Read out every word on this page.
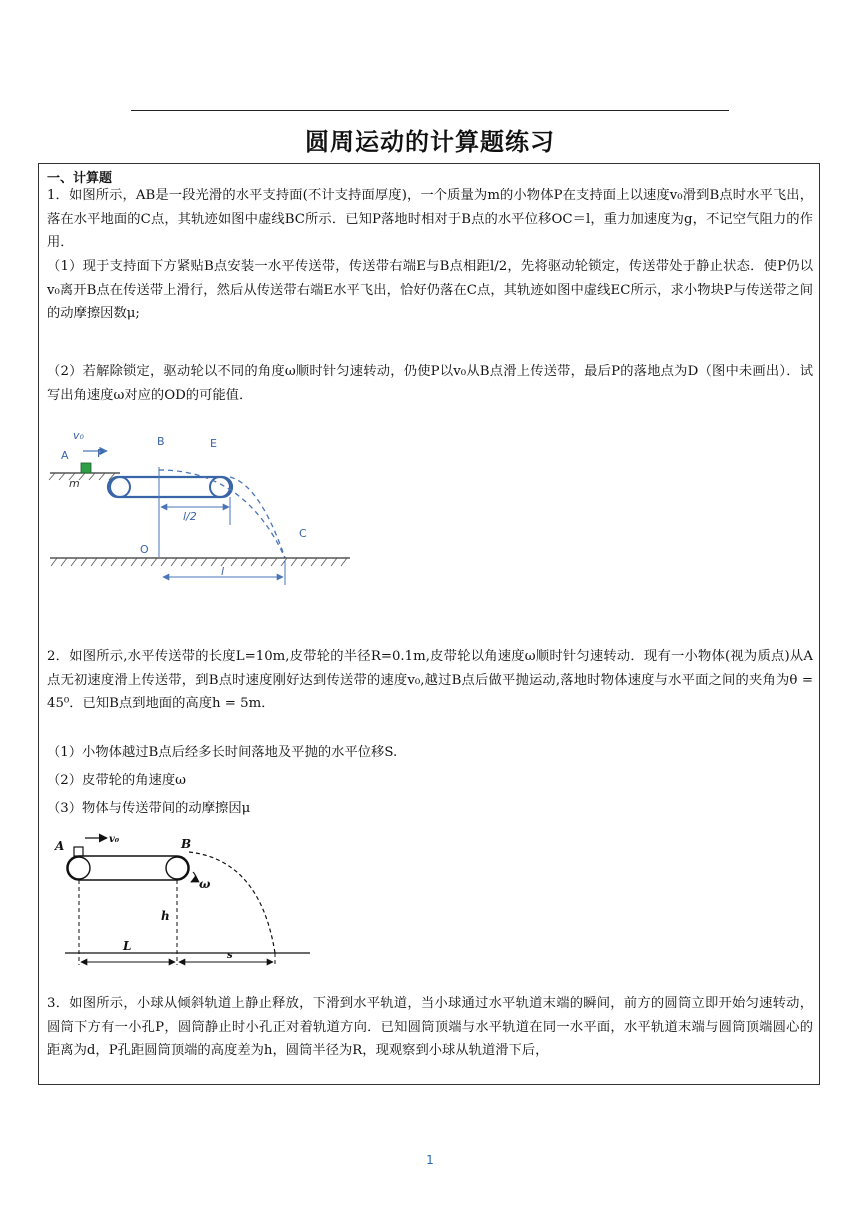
圆周运动的计算题练习
一、计算题

1．如图所示，AB是一段光滑的水平支持面(不计支持面厚度)，一个质量为m的小物体P在支持面上以速度v₀滑到B点时水平飞出，落在水平地面的C点，其轨迹如图中虚线BC所示．已知P落地时相对于B点的水平位移OC＝l，重力加速度为g，不记空气阻力的作用．

（1）现于支持面下方紧贴B点安装一水平传送带，传送带右端E与B点相距l/2，先将驱动轮锁定，传送带处于静止状态．使P仍以v₀离开B点在传送带上滑行，然后从传送带右端E水平飞出，恰好仍落在C点，其轨迹如图中虚线EC所示，求小物块P与传送带之间的动摩擦因数μ;

（2）若解除锁定，驱动轮以不同的角度ω顺时针匀速转动，仍使P以v₀从B点滑上传送带，最后P的落地点为D（图中未画出）．试写出角速度ω对应的OD的可能值．

v₀
A	P
m
B	E
l/2
O
C
l

2．如图所示,水平传送带的长度L=10m,皮带轮的半径R=0.1m,皮带轮以角速度ω顺时针匀速转动．现有一小物体(视为质点)从A点无初速度滑上传送带，到B点时速度刚好达到传送带的速度v₀,越过B点后做平抛运动,落地时物体速度与水平面之间的夹角为θ = 45⁰．已知B点到地面的高度h = 5m．

（1）小物体越过B点后经多长时间落地及平抛的水平位移S.

（2）皮带轮的角速度ω

（3）物体与传送带间的动摩擦因μ

A	v₀	B
ω
h
L
s

3．如图所示，小球从倾斜轨道上静止释放，下滑到水平轨道，当小球通过水平轨道末端的瞬间，前方的圆筒立即开始匀速转动，圆筒下方有一小孔P，圆筒静止时小孔正对着轨道方向．已知圆筒顶端与水平轨道在同一水平面，水平轨道末端与圆筒顶端圆心的距离为d，P孔距圆筒顶端的高度差为h，圆筒半径为R，现观察到小球从轨道滑下后，

1
